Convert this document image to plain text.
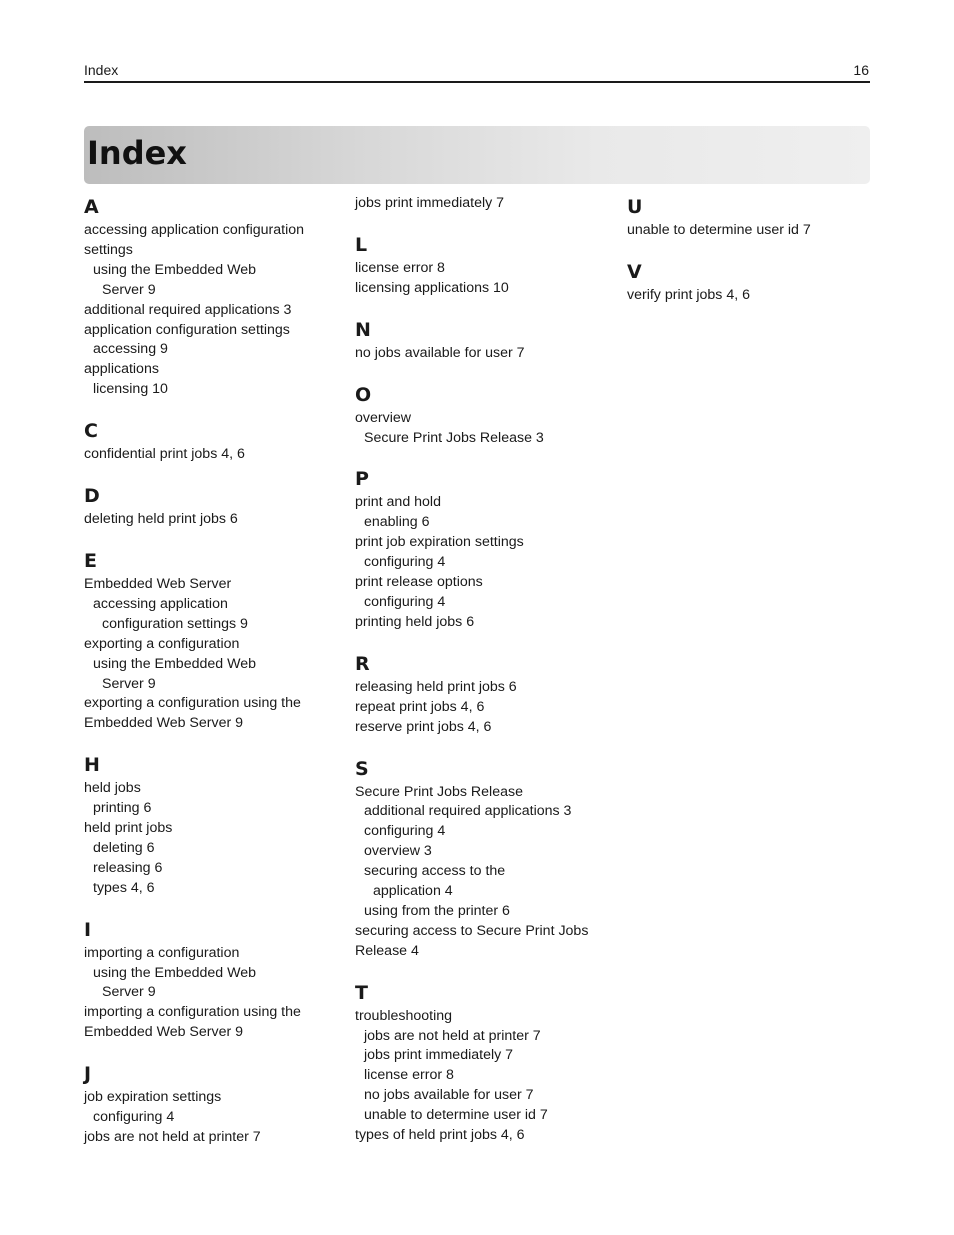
Index	16
Index
A
accessing application configuration
settings
using the Embedded Web
Server 9
additional required applications 3
application configuration settings
accessing 9
applications
licensing 10
C
confidential print jobs 4, 6
D
deleting held print jobs 6
E
Embedded Web Server
accessing application
configuration settings 9
exporting a configuration
using the Embedded Web
Server 9
exporting a configuration using the
Embedded Web Server 9
H
held jobs
printing 6
held print jobs
deleting 6
releasing 6
types 4, 6
I
importing a configuration
using the Embedded Web
Server 9
importing a configuration using the
Embedded Web Server 9
J
job expiration settings
configuring 4
jobs are not held at printer 7
jobs print immediately 7
L
license error 8
licensing applications 10
N
no jobs available for user 7
O
overview
Secure Print Jobs Release 3
P
print and hold
enabling 6
print job expiration settings
configuring 4
print release options
configuring 4
printing held jobs 6
R
releasing held print jobs 6
repeat print jobs 4, 6
reserve print jobs 4, 6
S
Secure Print Jobs Release
additional required applications 3
configuring 4
overview 3
securing access to the
application 4
using from the printer 6
securing access to Secure Print Jobs
Release 4
T
troubleshooting
jobs are not held at printer 7
jobs print immediately 7
license error 8
no jobs available for user 7
unable to determine user id 7
types of held print jobs 4, 6
U
unable to determine user id 7
V
verify print jobs 4, 6
